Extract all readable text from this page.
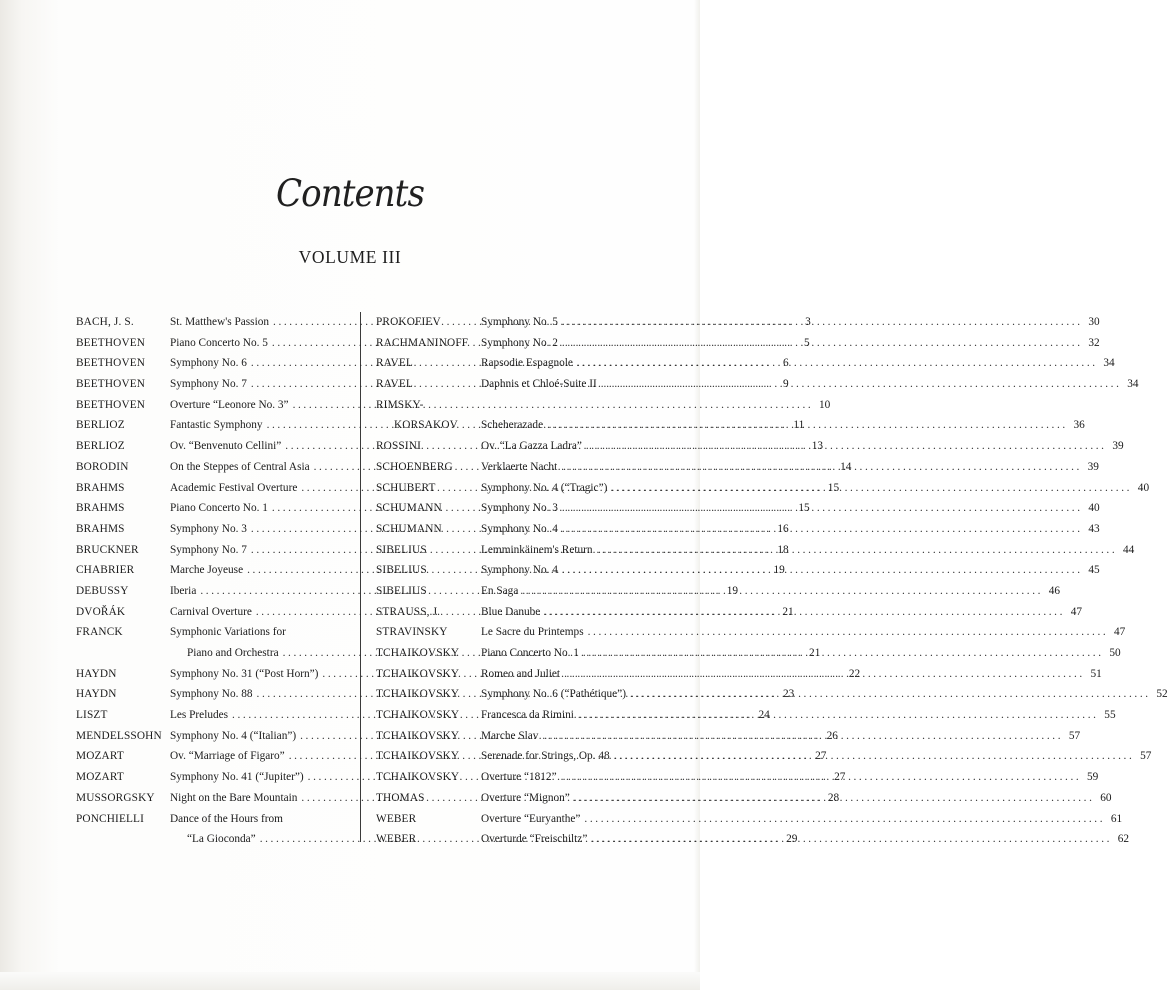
Contents
VOLUME III
BACH, J. S.	St. Matthew's Passion .....	3
BEETHOVEN Piano Concerto No. 5 .....	5
BEETHOVEN Symphony No. 6 .....	6
BEETHOVEN Symphony No. 7 .....	9
BEETHOVEN Overture “Leonore No. 3” .....	10
BERLIOZ	Fantastic Symphony .....	11
BERLIOZ	Ov. “Benvenuto Cellini” .....	13
BORODIN	On the Steppes of Central Asia .....	14
BRAHMS	Academic Festival Overture .....	15
BRAHMS	Piano Concerto No. 1 .....	15
BRAHMS	Symphony No. 3 .....	16
BRUCKNER	Symphony No. 7 .....	18
CHABRIER	Marche Joyeuse .....	19
DEBUSSY	Iberia .....	19
DVOŘÁK	Carnival Overture .....	21
FRANCK	Symphonic Variations for
Piano and Orchestra .....	21
HAYDN	Symphony No. 31 (“Post Horn”) .....	22
HAYDN	Symphony No. 88 .....	23
LISZT	Les Preludes .....	24
MENDELSSOHN Symphony No. 4 (“Italian”) .....	26
MOZART	Ov. “Marriage of Figaro” .....	27
MOZART	Symphony No. 41 (“Jupiter”) .....	27
MUSSORGSKY Night on the Bare Mountain .....	28
PONCHIELLI Dance of the Hours from
“La Gioconda” .....	29
PROKOFIEV	Symphony No. 5 .....	30
RACHMANINOFF Symphony No. 2 .....	32
RAVEL	Rapsodie Espagnole .....	34
RAVEL	Daphnis et Chloé-Suite II .....	34
RIMSKY-
KORSAKOV Scheherazade .....	36
ROSSINI	Ov. “La Gazza Ladra” .....	39
SCHOENBERG Verklaerte Nacht .....	39
SCHUBERT	Symphony No. 4 (“Tragic”) .....	40
SCHUMANN	Symphony No. 3 .....	40
SCHUMANN	Symphony No. 4 .....	43
SIBELIUS	Lemminkäinem's Return .....	44
SIBELIUS	Symphony No. 4 .....	45
SIBELIUS	En Saga .....	46
STRAUSS, J.	Blue Danube .....	47
STRAVINSKY	Le Sacre du Printemps .....	47
TCHAIKOVSKY Piano Concerto No. 1 .....	50
TCHAIKOVSKY Romeo and Juliet .....	51
TCHAIKOVSKY Symphony No. 6 (“Pathétique”) .....	52
TCHAIKOVSKY Francesca da Rimini .....	55
TCHAIKOVSKY Marche Slav .....	57
TCHAIKOVSKY Serenade for Strings, Op. 48 .....	57
TCHAIKOVSKY Overture “1812” .....	59
THOMAS	Overture “Mignon” .....	60
WEBER	Overture “Euryanthe” .....	61
WEBER	Overturde “Freischiltz” .....	62
